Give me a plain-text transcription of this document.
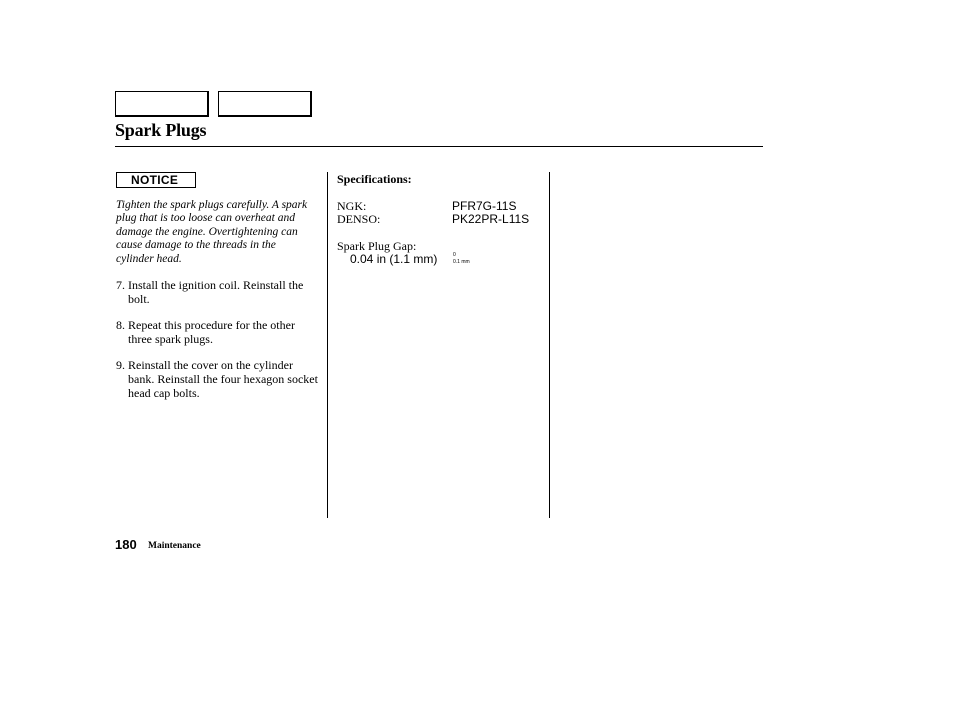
Spark Plugs
NOTICE
Tighten the spark plugs carefully. A spark plug that is too loose can overheat and damage the engine. Overtightening can cause damage to the threads in the cylinder head.
7. Install the ignition coil. Reinstall the bolt.
8. Repeat this procedure for the other three spark plugs.
9. Reinstall the cover on the cylinder bank. Reinstall the four hexagon socket head cap bolts.
Specifications:
NGK:	PFR7G-11S
DENSO:	PK22PR-L11S
Spark Plug Gap:
0.04 in (1.1 mm)	0
0.1 mm
180 Maintenance
